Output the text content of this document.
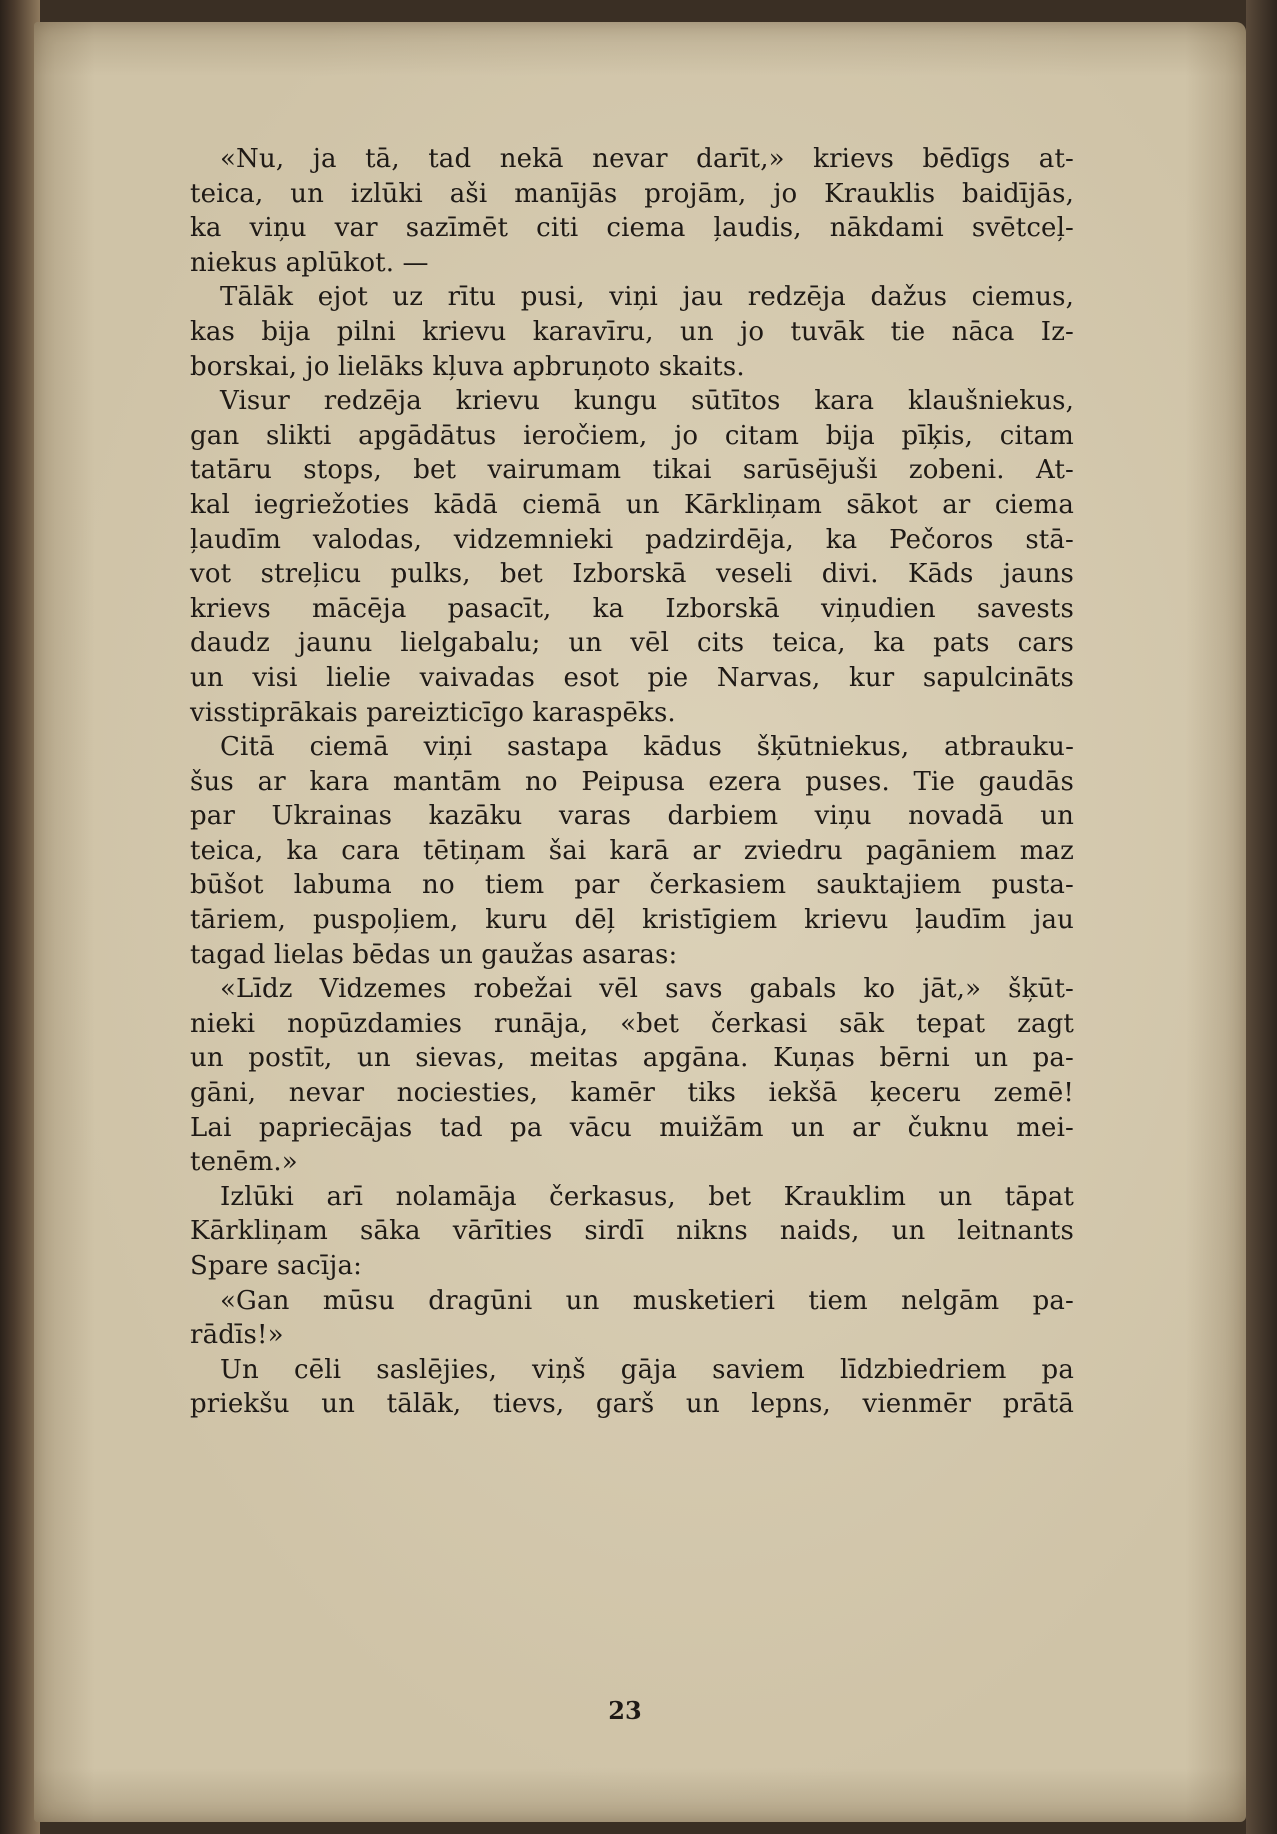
«Nu, ja tā, tad nekā nevar darīt,» krievs bēdīgs at-
teica, un izlūki aši manījās projām, jo Krauklis baidījās,
ka viņu var sazīmēt citi ciema ļaudis, nākdami svētceļ-
niekus aplūkot. —
Tālāk ejot uz rītu pusi, viņi jau redzēja dažus ciemus,
kas bija pilni krievu karavīru, un jo tuvāk tie nāca Iz-
borskai, jo lielāks kļuva apbruņoto skaits.
Visur redzēja krievu kungu sūtītos kara klaušniekus,
gan slikti apgādātus ieročiem, jo citam bija pīķis, citam
tatāru stops, bet vairumam tikai sarūsējuši zobeni. At-
kal iegriežoties kādā ciemā un Kārkliņam sākot ar ciema
ļaudīm valodas, vidzemnieki padzirdēja, ka Pečoros stā-
vot streļicu pulks, bet Izborskā veseli divi. Kāds jauns
krievs mācēja pasacīt, ka Izborskā viņudien savests
daudz jaunu lielgabalu; un vēl cits teica, ka pats cars
un visi lielie vaivadas esot pie Narvas, kur sapulcināts
visstiprākais pareizticīgo karaspēks.
Citā ciemā viņi sastapa kādus šķūtniekus, atbrauku-
šus ar kara mantām no Peipusa ezera puses. Tie gaudās
par Ukrainas kazāku varas darbiem viņu novadā un
teica, ka cara tētiņam šai karā ar zviedru pagāniem maz
būšot labuma no tiem par čerkasiem sauktajiem pusta-
tāriem, puspoļiem, kuru dēļ kristīgiem krievu ļaudīm jau
tagad lielas bēdas un gaužas asaras:
«Līdz Vidzemes robežai vēl savs gabals ko jāt,» šķūt-
nieki nopūzdamies runāja, «bet čerkasi sāk tepat zagt
un postīt, un sievas, meitas apgāna. Kuņas bērni un pa-
gāni, nevar nociesties, kamēr tiks iekšā ķeceru zemē!
Lai papriecājas tad pa vācu muižām un ar čuknu mei-
tenēm.»
Izlūki arī nolamāja čerkasus, bet Krauklim un tāpat
Kārkliņam sāka vārīties sirdī nikns naids, un leitnants
Spare sacīja:
«Gan mūsu dragūni un musketieri tiem nelgām pa-
rādīs!»
Un cēli saslējies, viņš gāja saviem līdzbiedriem pa
priekšu un tālāk, tievs, garš un lepns, vienmēr prātā
23
